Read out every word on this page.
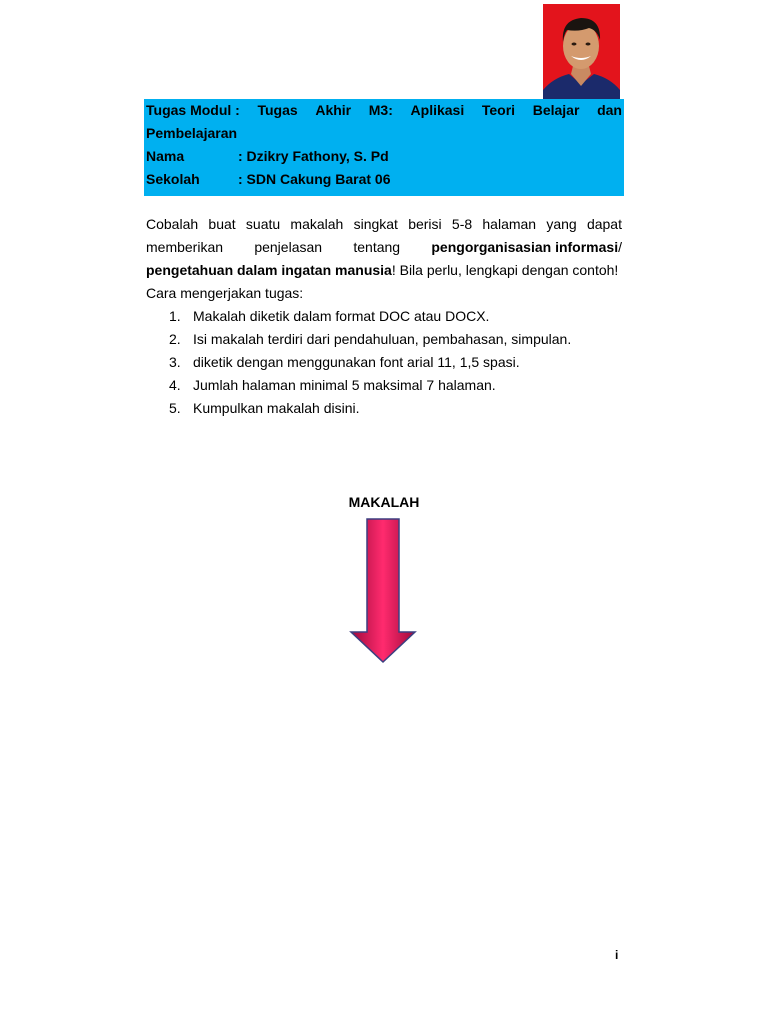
Tugas Modul : Tugas Akhir M3: Aplikasi Teori Belajar dan
Pembelajaran
Nama	: Dzikry Fathony, S. Pd
Sekolah	: SDN Cakung Barat 06
Cobalah buat suatu makalah singkat berisi 5-8 halaman yang dapat
memberikan penjelasan tentang pengorganisasian informasi/
pengetahuan dalam ingatan manusia! Bila perlu, lengkapi dengan contoh!
Cara mengerjakan tugas:
1. Makalah diketik dalam format DOC atau DOCX.
2. Isi makalah terdiri dari pendahuluan, pembahasan, simpulan.
3. diketik dengan menggunakan font arial 11, 1,5 spasi.
4. Jumlah halaman minimal 5 maksimal 7 halaman.
5. Kumpulkan makalah disini.
MAKALAH
i
